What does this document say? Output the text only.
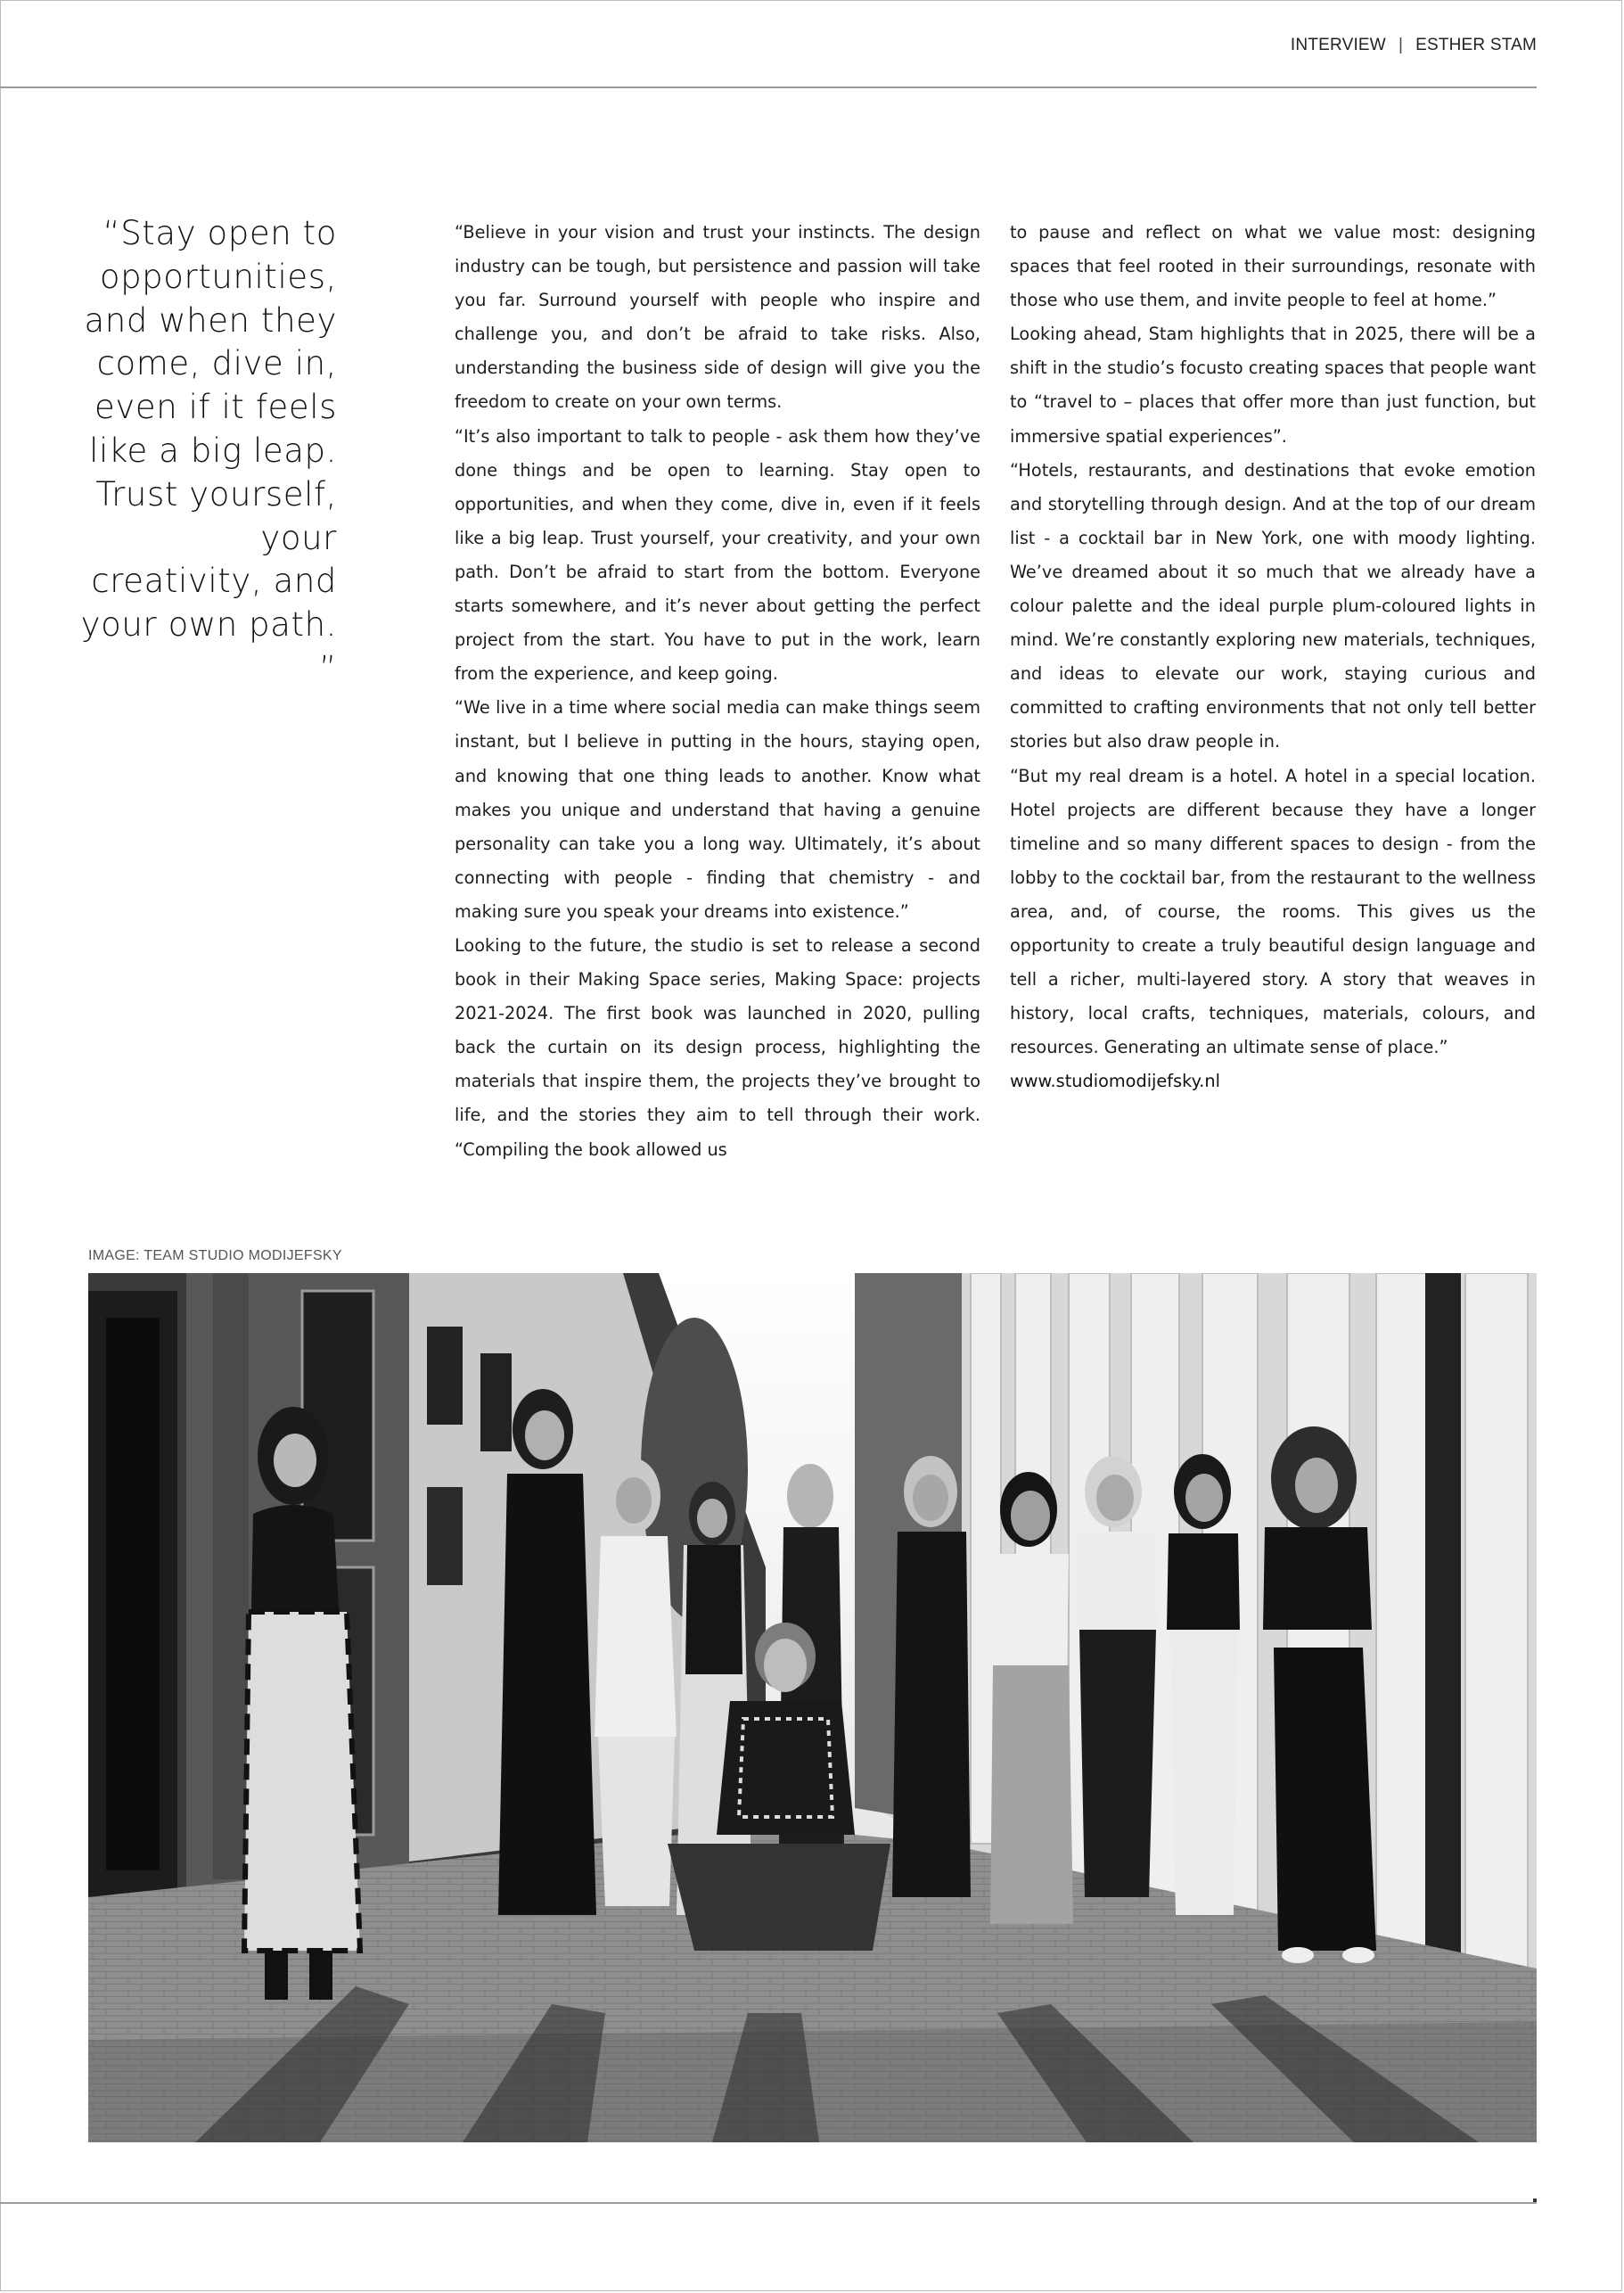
INTERVIEW | ESTHER STAM
“Stay open to opportunities, and when they come, dive in, even if it feels like a big leap. Trust yourself, your creativity, and your own path. ”

“Believe in your vision and trust your instincts. The design industry can be tough, but persistence and passion will take you far. Surround yourself with people who inspire and challenge you, and don’t be afraid to take risks. Also, understanding the business side of design will give you the freedom to create on your own terms.

“It’s also important to talk to people - ask them how they’ve done things and be open to learning. Stay open to opportunities, and when they come, dive in, even if it feels like a big leap. Trust yourself, your creativity, and your own path. Don’t be afraid to start from the bottom. Everyone starts somewhere, and it’s never about getting the perfect project from the start. You have to put in the work, learn from the experience, and keep going.

“We live in a time where social media can make things seem instant, but I believe in putting in the hours, staying open, and knowing that one thing leads to another. Know what makes you unique and understand that having a genuine personality can take you a long way. Ultimately, it’s about connecting with people - finding that chemistry - and making sure you speak your dreams into existence.”

Looking to the future, the studio is set to release a second book in their Making Space series, Making Space: projects 2021-2024. The first book was launched in 2020, pulling back the curtain on its design process, highlighting the materials that inspire them, the projects they’ve brought to life, and the stories they aim to tell through their work. “Compiling the book allowed us

to pause and reflect on what we value most: designing spaces that feel rooted in their surroundings, resonate with those who use them, and invite people to feel at home.”

Looking ahead, Stam highlights that in 2025, there will be a shift in the studio’s focusto creating spaces that people want to “travel to – places that offer more than just function, but immersive spatial experiences”.

“Hotels, restaurants, and destinations that evoke emotion and storytelling through design. And at the top of our dream list - a cocktail bar in New York, one with moody lighting. We’ve dreamed about it so much that we already have a colour palette and the ideal purple plum-coloured lights in mind. We’re constantly exploring new materials, techniques, and ideas to elevate our work, staying curious and committed to crafting environments that not only tell better stories but also draw people in.

“But my real dream is a hotel. A hotel in a special location. Hotel projects are different because they have a longer timeline and so many different spaces to design - from the lobby to the cocktail bar, from the restaurant to the wellness area, and, of course, the rooms. This gives us the opportunity to create a truly beautiful design language and tell a richer, multi-layered story. A story that weaves in history, local crafts, techniques, materials, colours, and resources. Generating an ultimate sense of place.”

www.studiomodijefsky.nl
IMAGE: TEAM STUDIO MODIJEFSKY
